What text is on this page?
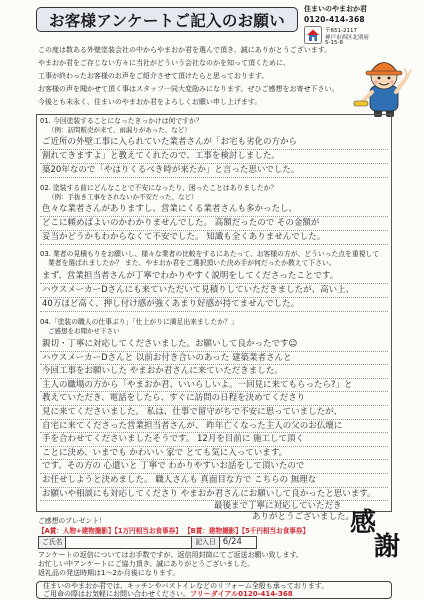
お客様アンケートご記入のお願い
住まいのやまおか君
0120-414-368
〒651-2117
神戸市西区北別府
5-15-8
この度は数ある外壁塗装会社の中からやまおか君を選んで頂き、誠にありがとうございます。
やまおか君をご存じない方々に当社がどういう会社なのかを知って頂くために、
工事が終わったお客様のお声をご紹介させて頂けたらと思っております。
お客様の声を聞かせて頂く事はスタッフ一同大変励みになります。ぜひご感想をお寄せ下さい。
今後とも末永く、住まいのやまおか君をよろしくお願い申し上げます。
01. 今回塗装することになったきっかけは何ですか？
（例：訪問販売が来て、雨漏りがあった、など）
ご近所の外壁工事に入られていた業者さんが「お宅も劣化の方から
割れてきますよ」と教えてくれたので、工事を検討しました。
築20年なので「やはりくるべき時が来たか」と言った思いでした。
02. 塗装する前にどんなことで不安になったり、困ったことはありましたか？
（例：手抜き工事をされないか不安だった、など）
色々な業者さんがありますし、営業にくる業者さんも多かったし、
どこに頼めばよいのかわかりませんでした。 高額だったので その金額が
妥当かどうかもわからなくて不安でした。 知識も全くありませんでした。
03. 業者の見積もりをお願いし、様々な業者の比較をするにあたって、お客様の方が、どういった点を重視して
業者を選ばれましたか？ また、やまおか君をご選択頂いた決め手が何だったか教えて下さい。
まず、営業担当者さんが丁寧でわかりやすく説明をしてくださったことです。
ハウスメーカーDさんにも来ていただいて見積りしていただきましたが、高い上、
40万ほど高く、押し付け感が強くあまり好感が持てませんでした。
04.「塗装の職人の仕事ぶり」「仕上がりに満足出来ましたか？」
ご感想をお聞かせ下さい
親切・丁寧に対応してくださいました。お願いして良かったです☺
ハウスメーカーDさんと 以前お付き合いのあった 建築業者さんと
今回工事をお願いした やまおか君さんに来ていただきました。
主人の職場の方から「やまおか君、いいらしいよ。一回見に来てもらったら?」と
教えていただき、電話をしたら、すぐに訪問の日程を決めてくださり
見に来てくださいました。 私は、仕事で留守がちで不安に思っていましたが、
自宅に来てくださった営業担当者さんが、 昨年亡くなった主人の父のお仏壇に
手を合わせてくださいましたそうです。 12月を目前に 施工して頂く
ことに決め、いまでも かわいい 家で とても気に入っています。
です。その方の 心遣いと 丁寧で わかりやすいお話をして頂いたので
お任せしようと決めました。 職人さんも 真面目な方で こちらの 無理な
お願いや相談にも対応してくださり やまおか君さんにお願いして良かったと思います。
最後まで丁寧に対応していただき
ありがとうございました。♡
ご感想のプレゼント！
【A賞：人物+建物撮影】【1万円相当お食事券】 【B賞：建物撮影】【5千円相当お食事券】
ご氏名	記入日 6/24
感
謝
アンケートの返信についてはお手数ですが、返信用封筒にてご返送お願い致します。
お忙しい中アンケートにご協力頂き、誠にありがとうございました。
返礼品の発送時期は1〜2か月後になります。
住まいのやまおか君では、キッチンやバストイレなどのリフォーム全般も承っております。
ご用命の際はお気軽にお問い合わせください。フリーダイアル0120-414-368
